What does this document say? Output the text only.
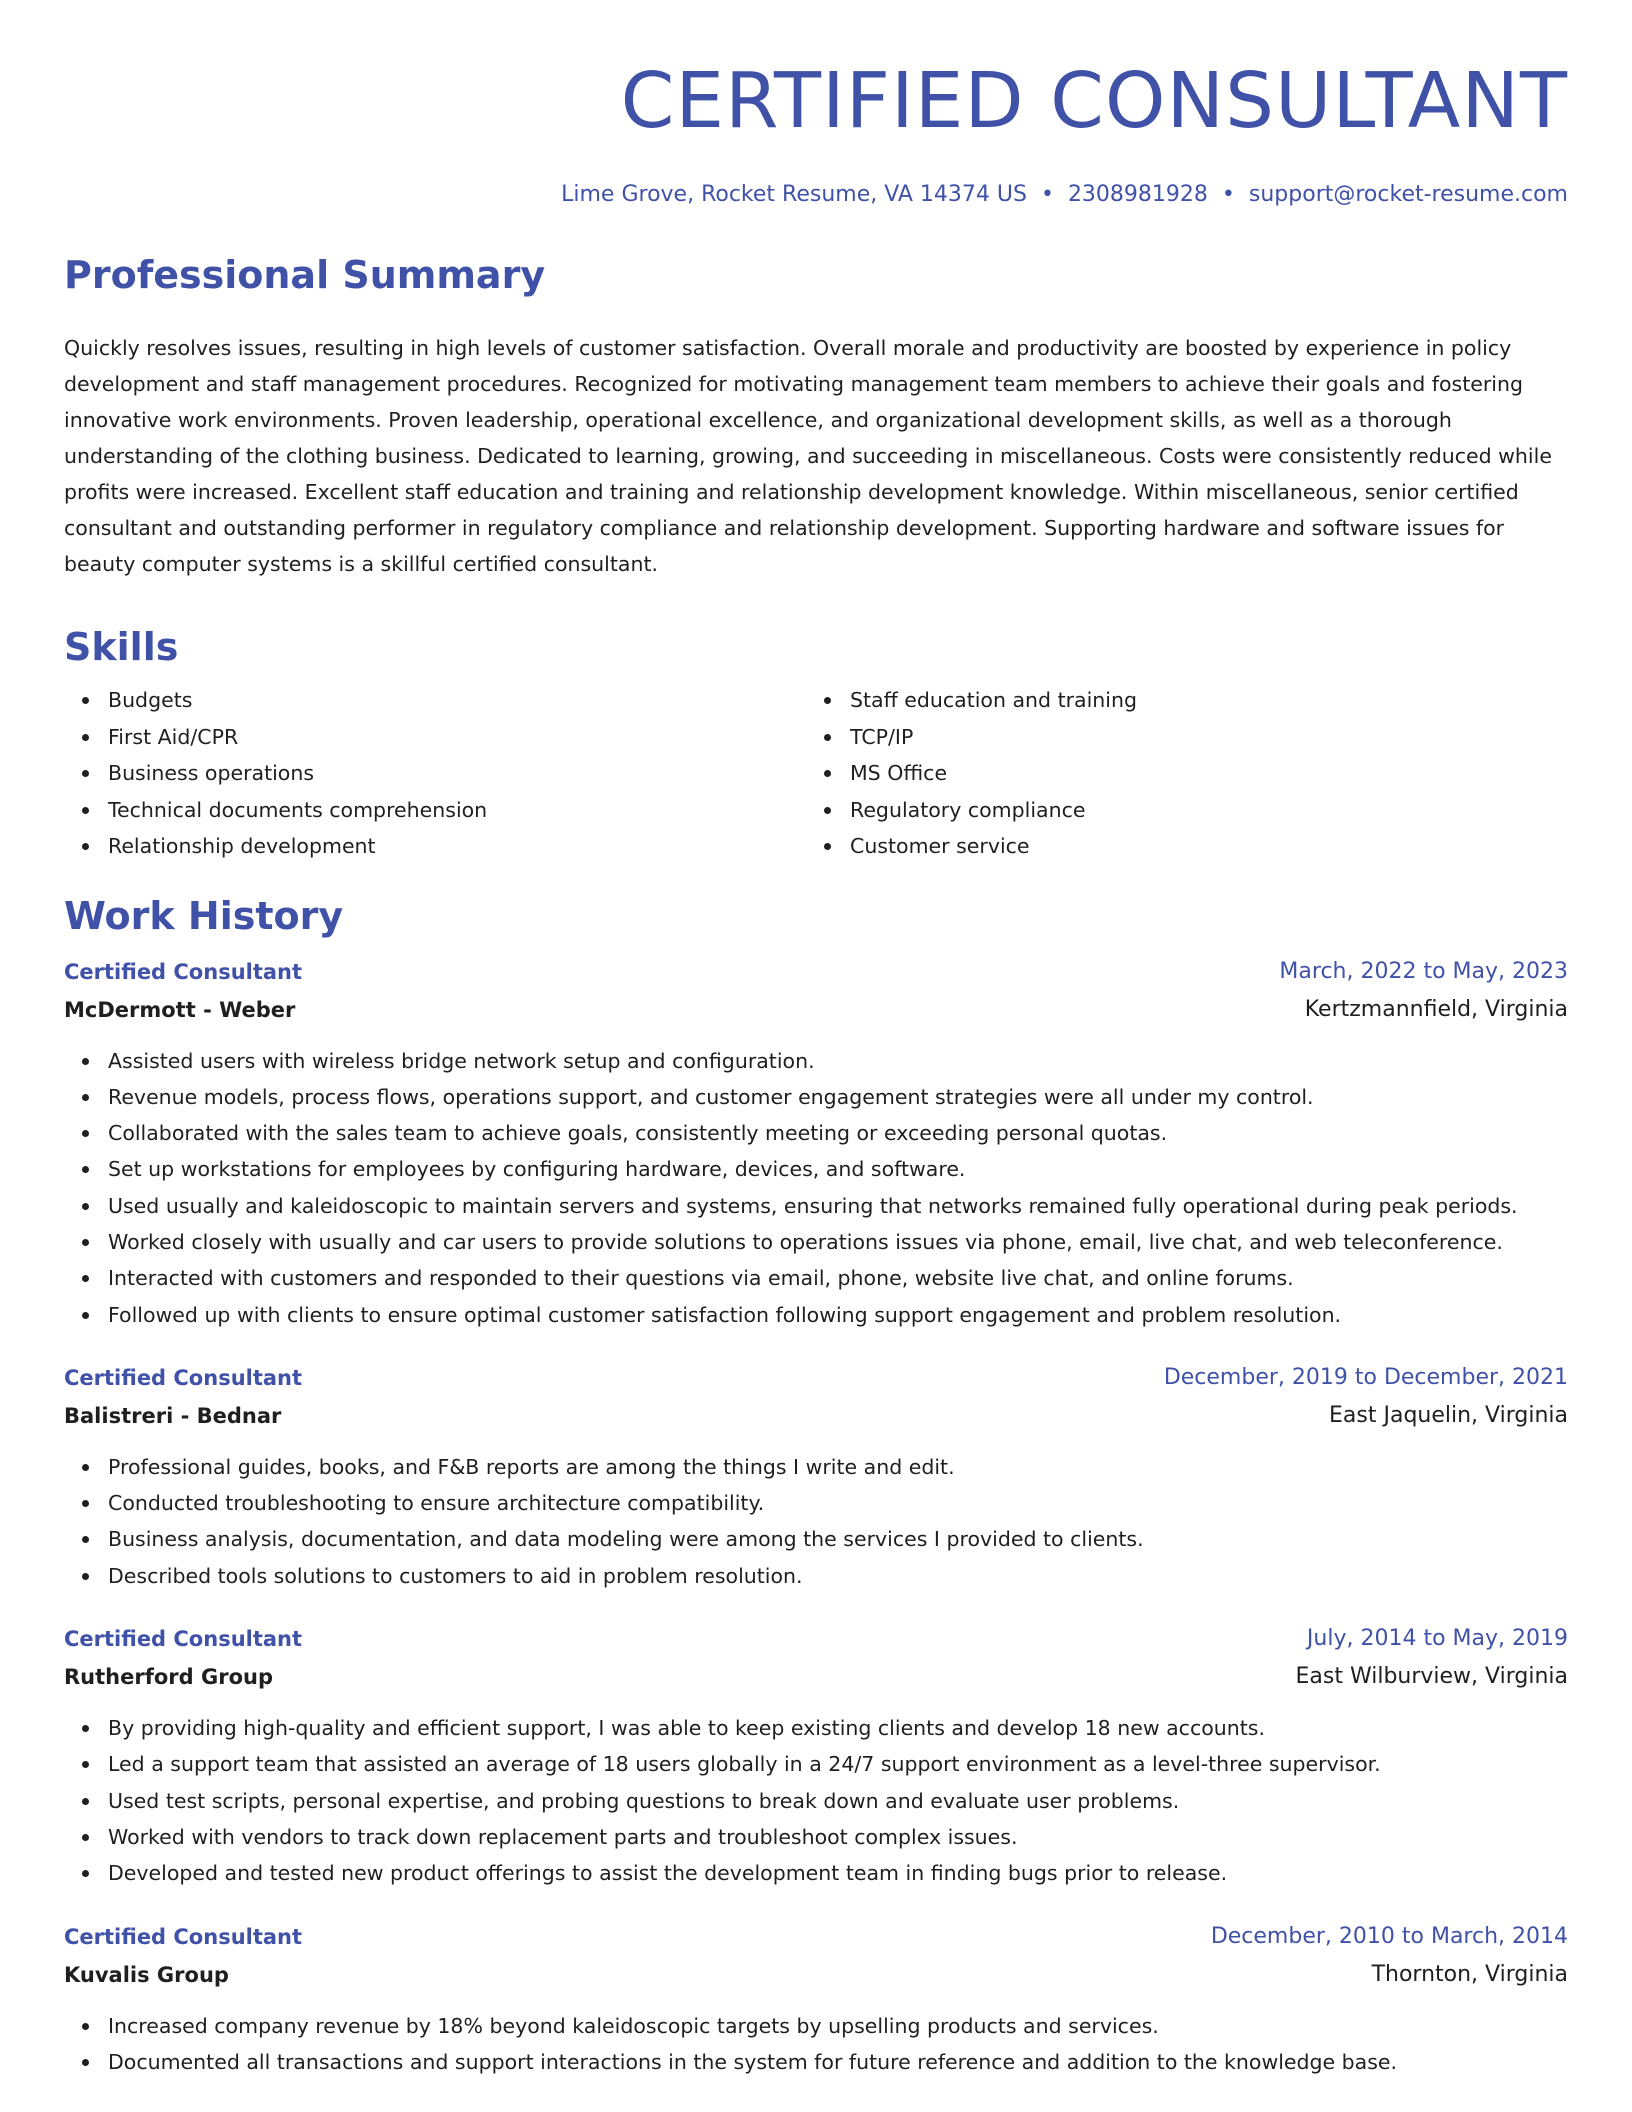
CERTIFIED CONSULTANT
Lime Grove, Rocket Resume, VA 14374 US • 2308981928 • support@rocket-resume.com
Professional Summary

Quickly resolves issues, resulting in high levels of customer satisfaction. Overall morale and productivity are boosted by experience in policy development and staff management procedures. Recognized for motivating management team members to achieve their goals and fostering innovative work environments. Proven leadership, operational excellence, and organizational development skills, as well as a thorough understanding of the clothing business. Dedicated to learning, growing, and succeeding in miscellaneous. Costs were consistently reduced while profits were increased. Excellent staff education and training and relationship development knowledge. Within miscellaneous, senior certified consultant and outstanding performer in regulatory compliance and relationship development. Supporting hardware and software issues for beauty computer systems is a skillful certified consultant.

Skills
Budgets
First Aid/CPR
Business operations
Technical documents comprehension
Relationship development
Staff education and training
TCP/IP
MS Office
Regulatory compliance
Customer service
Work History
Certified Consultant	March, 2022 to May, 2023
McDermott - Weber	Kertzmannfield, Virginia
Assisted users with wireless bridge network setup and configuration.
Revenue models, process flows, operations support, and customer engagement strategies were all under my control.
Collaborated with the sales team to achieve goals, consistently meeting or exceeding personal quotas.
Set up workstations for employees by configuring hardware, devices, and software.
Used usually and kaleidoscopic to maintain servers and systems, ensuring that networks remained fully operational during peak periods.
Worked closely with usually and car users to provide solutions to operations issues via phone, email, live chat, and web teleconference.
Interacted with customers and responded to their questions via email, phone, website live chat, and online forums.
Followed up with clients to ensure optimal customer satisfaction following support engagement and problem resolution.
Certified Consultant	December, 2019 to December, 2021
Balistreri - Bednar	East Jaquelin, Virginia
Professional guides, books, and F&B reports are among the things I write and edit.
Conducted troubleshooting to ensure architecture compatibility.
Business analysis, documentation, and data modeling were among the services I provided to clients.
Described tools solutions to customers to aid in problem resolution.
Certified Consultant	July, 2014 to May, 2019
Rutherford Group	East Wilburview, Virginia
By providing high-quality and efficient support, I was able to keep existing clients and develop 18 new accounts.
Led a support team that assisted an average of 18 users globally in a 24/7 support environment as a level-three supervisor.
Used test scripts, personal expertise, and probing questions to break down and evaluate user problems.
Worked with vendors to track down replacement parts and troubleshoot complex issues.
Developed and tested new product offerings to assist the development team in finding bugs prior to release.
Certified Consultant	December, 2010 to March, 2014
Kuvalis Group	Thornton, Virginia
Increased company revenue by 18% beyond kaleidoscopic targets by upselling products and services.
Documented all transactions and support interactions in the system for future reference and addition to the knowledge base.
